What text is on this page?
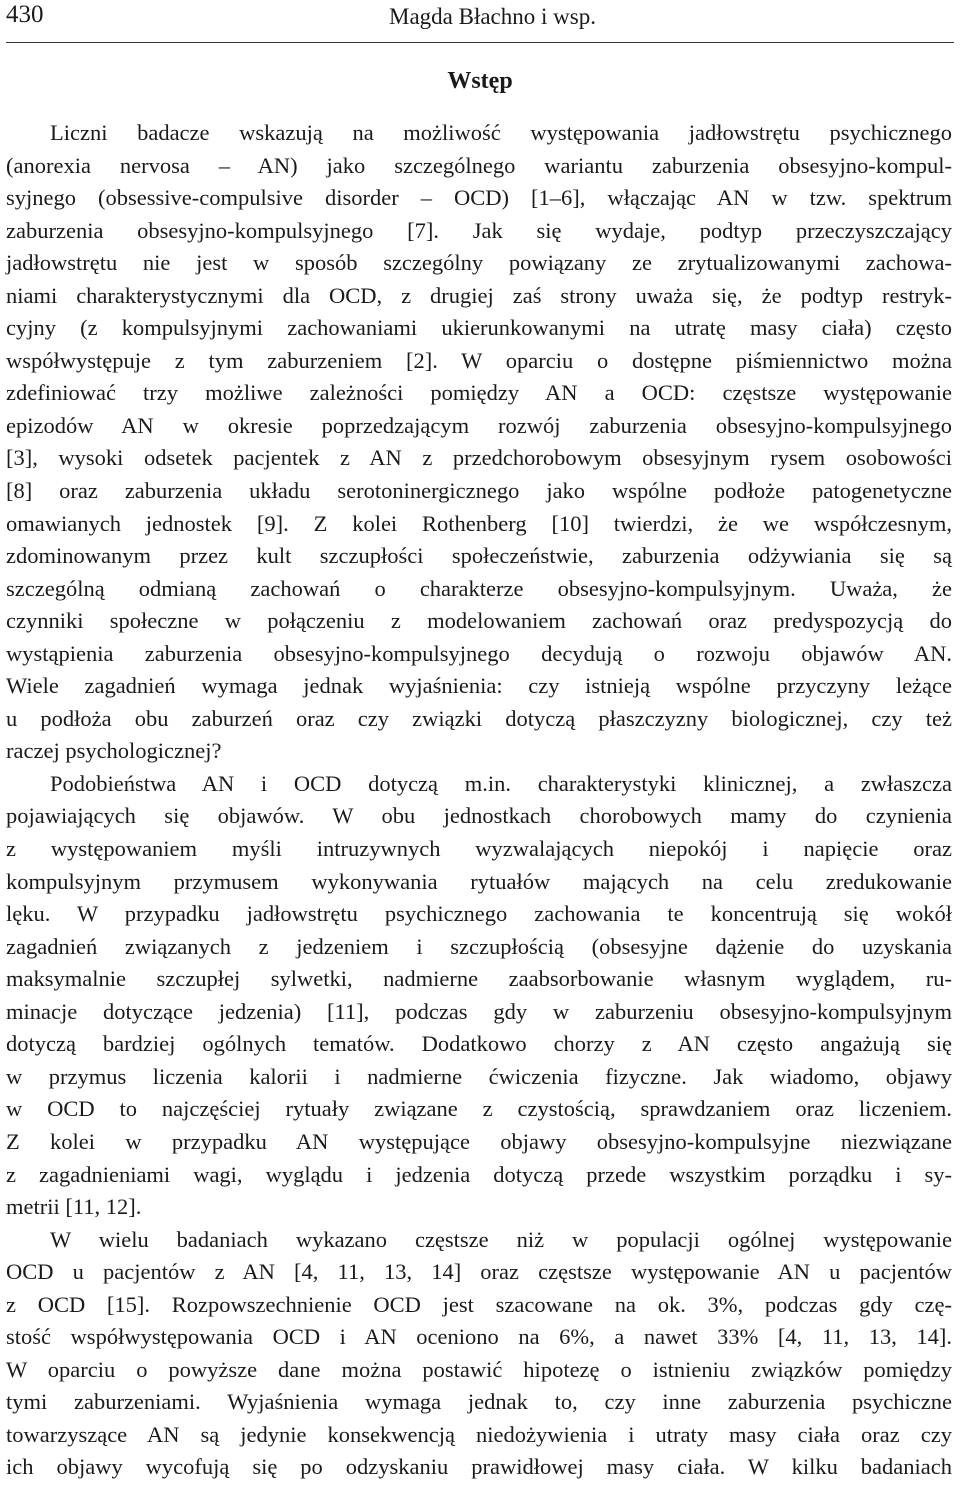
430	Magda Błachno i wsp.
Wstęp

Liczni badacze wskazują na możliwość występowania jadłowstrętu psychicznego
(anorexia nervosa – AN) jako szczególnego wariantu zaburzenia obsesyjno-kompul-
syjnego (obsessive-compulsive disorder – OCD) [1–6], włączając AN w tzw. spektrum
zaburzenia obsesyjno-kompulsyjnego [7]. Jak się wydaje, podtyp przeczyszczający
jadłowstrętu nie jest w sposób szczególny powiązany ze zrytualizowanymi zachowa-
niami charakterystycznymi dla OCD, z drugiej zaś strony uważa się, że podtyp restryk-
cyjny (z kompulsyjnymi zachowaniami ukierunkowanymi na utratę masy ciała) często
współwystępuje z tym zaburzeniem [2]. W oparciu o dostępne piśmiennictwo można
zdefiniować trzy możliwe zależności pomiędzy AN a OCD: częstsze występowanie
epizodów AN w okresie poprzedzającym rozwój zaburzenia obsesyjno-kompulsyjnego
[3], wysoki odsetek pacjentek z AN z przedchorobowym obsesyjnym rysem osobowości
[8] oraz zaburzenia układu serotoninergicznego jako wspólne podłoże patogenetyczne
omawianych jednostek [9]. Z kolei Rothenberg [10] twierdzi, że we współczesnym,
zdominowanym przez kult szczupłości społeczeństwie, zaburzenia odżywiania się są
szczególną odmianą zachowań o charakterze obsesyjno-kompulsyjnym. Uważa, że
czynniki społeczne w połączeniu z modelowaniem zachowań oraz predyspozycją do
wystąpienia zaburzenia obsesyjno-kompulsyjnego decydują o rozwoju objawów AN.
Wiele zagadnień wymaga jednak wyjaśnienia: czy istnieją wspólne przyczyny leżące
u podłoża obu zaburzeń oraz czy związki dotyczą płaszczyzny biologicznej, czy też
raczej psychologicznej?

Podobieństwa AN i OCD dotyczą m.in. charakterystyki klinicznej, a zwłaszcza
pojawiających się objawów. W obu jednostkach chorobowych mamy do czynienia
z występowaniem myśli intruzywnych wyzwalających niepokój i napięcie oraz
kompulsyjnym przymusem wykonywania rytuałów mających na celu zredukowanie
lęku. W przypadku jadłowstrętu psychicznego zachowania te koncentrują się wokół
zagadnień związanych z jedzeniem i szczupłością (obsesyjne dążenie do uzyskania
maksymalnie szczupłej sylwetki, nadmierne zaabsorbowanie własnym wyglądem, ru-
minacje dotyczące jedzenia) [11], podczas gdy w zaburzeniu obsesyjno-kompulsyjnym
dotyczą bardziej ogólnych tematów. Dodatkowo chorzy z AN często angażują się
w przymus liczenia kalorii i nadmierne ćwiczenia fizyczne. Jak wiadomo, objawy
w OCD to najczęściej rytuały związane z czystością, sprawdzaniem oraz liczeniem.
Z kolei w przypadku AN występujące objawy obsesyjno-kompulsyjne niezwiązane
z zagadnieniami wagi, wyglądu i jedzenia dotyczą przede wszystkim porządku i sy-
metrii [11, 12].

W wielu badaniach wykazano częstsze niż w populacji ogólnej występowanie
OCD u pacjentów z AN [4, 11, 13, 14] oraz częstsze występowanie AN u pacjentów
z OCD [15]. Rozpowszechnienie OCD jest szacowane na ok. 3%, podczas gdy czę-
stość współwystępowania OCD i AN oceniono na 6%, a nawet 33% [4, 11, 13, 14].
W oparciu o powyższe dane można postawić hipotezę o istnieniu związków pomiędzy
tymi zaburzeniami. Wyjaśnienia wymaga jednak to, czy inne zaburzenia psychiczne
towarzyszące AN są jedynie konsekwencją niedożywienia i utraty masy ciała oraz czy
ich objawy wycofują się po odzyskaniu prawidłowej masy ciała. W kilku badaniach
